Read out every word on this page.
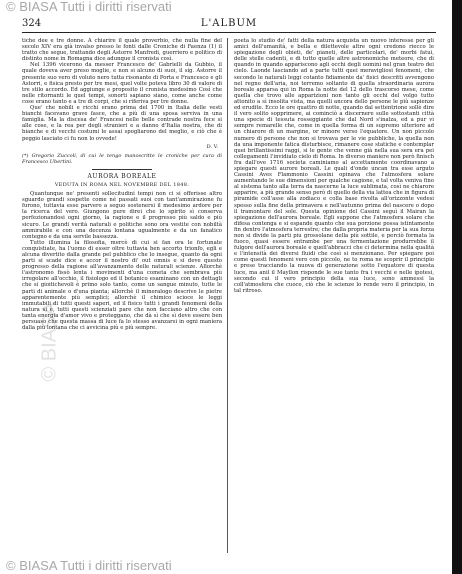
© BIASA Tutti i diritti riservati
© BIASA
324	L'ALBUM

tiche dee e tre donne. A chiarire il quale proverbio, che nulla fine del secolo XIV era già invalso presso le fonti dalle Croniche di Faenza (1) il tratto che segue, trattando degli Astorre Manfredi, guerriero e politico di distinto nome in Romagna dice adunque il cronista così.

Nel 1396 vicerono da messer Francesco de' Gabrielli da Gubbio, il quale doveva aver preso moglie, e non si alcuno di suoi, il sig. Astorre il presente suo vero di voluto nero tutta risonante di Porta e Francesco e gli Astorri, e fisica presto per tre mesi, quel volte poteva libro 30 di valore di tre stilo accordo. Ed aggiunge e proposito il cronista medesimo Così che nelle ritornanti le quel tempi, sonorti sapiano siano, come anche come cose erano tanto e a tre di corpi, che si riferiva per tre donne.

Que' che nobili e ricchi erano prima del 1700 in Italia delle vesti bianchi facevano grave fasce, che a più di una sposa serviva in una famiglia. Ma la discesa de' Francesi nelle belle contrade nostra fece si alle cose, e la rea per degli stranieri e a danno d'Italia nostra, che di bianche e di vecchi costumi le assai spogliarono del meglio, e ciò che è peggio lasciato ci fu non lo ovvede!

D. V.
(*) Gregorio Zuccoli, di cui le tengo manoscritte le croniche per cura di Francesco Ubertini.
AURORA BOREALE
VEDUTA IN ROMA NEL NOVEMBRE DEL 1848.

Quantunque ne' presenti sollecitudini tempi non ci si offerisse altro sguardo grandi sospette come né passati suoi con tant'ammirazione fu furono, tuttavia esse parvero a seguo sostenersi il medesimo ardore per la ricerca del vero. Giungono pure direi che lo spirito sì conserva perfezionandosi ogni giorno, la ragione e il progresso più saldo e più sicuro. Le grandi verità naturali e politiche sono ora vestite con nobiltà ammirabile e con una decenza lontana ugualmente e da un fanatico contegno e da una servile bassezza.

Tutto illumina la filosofia, mercè di cui si fan ora le fortunate conquistiate, ha l'uomo di esser oltre tuttavia ben accorto trionfo, egli e alcuna divertito dalla grande pel pubblico che lo insegue, quanto da ogni parti si scade dice e accor il nostro di' out omnis e si deve questo progresso della ragione all'avanzamento delle naturali scienze. Allorchè l'astronomo fissò lenta i movimenti d'una cometa che sembrava più irregolare all'occhio, il fisiologo ed il botanico esaminano con un dettagli che si gioitichevoli è primo solo tanto, come un sangue minuto, tutte le parti di animale o d'una pianta; allorchè il mineralogo descrive le pietre apparentemente più semplici; allorchè il chimico scioce le leggi immutabili di tutti questi saperi, ed il fisico tutti i grandi fenomeni della natura si è, tutti questi scienziati pare che non facciano altro che con tanta energia d'amor vivo e proteggano, che dà sì che sì deve essere ben persuaso che questa massa di luce fa lo stesso avanzarsi in ogni maniera dalla più lontana che ci avvicina più e più sempre.

poeta lo studio de' fatti della natura acquista un nuovo interesse per gli amici dell'umanità, e bella e dilettevole altre ogni credono riecco le spiegazione degli obieti, de' pianeti, delle particolari, de' morbi fatui, delle stelle cadenti, e di tutto quelle altre astronomiche meteore, che di quando in quando appariscono agli occhi degli uomini nel gran teatro dei cielo. Laonde lasciando ad a parte tutti quei meravigliosi fenomeni, che secondo le naturali leggi cotanto fidiamente da' fisici descritti avvengono nel regno dell'aria, noi terremo soltanto di quella straordinaria aurora boreale apparsa qui in Roma la notte del 12 dello trascorso mese, come quella che trovo alle apparizioni non tanto gli occhi del volgo tutto attonito a sì insolita vista, ma quelli ancora dello persone le più sapienze ed erudite. Ecco le ore quattro di notte, quando dal settentrione sollè dire il vero solito sopprimere, ai cominciò a discernere sulle sottostanti città una specie di tessuta rosseggiante che dal Nord s'inalza, ed a pur vi sempre remarelle che, come in quella forma di un supremo ulteriore ad un chiarore di un margine, or minore verso l'equatore. Un non piccolo numero di persone che non si trovava per le vie pubbliche, la quella non da una imponente fatica disturbisce, rimanere cose statiche e contemplar quei brillantissimi raggi, si le gente che venne già nella sua sera era pei collegamenti l'invidiato cielo di Roma. In diverso maniere non però finisch fra dall'ove 1716 societa caminiamo al accettamente coordinavano a spiegare questi aurore boreali. Le quali d'onde uncan tra esse arguto Cassini Aves Flammonio Cassini opinava che l'atmosfera solare aumentando le sue dimensioni per qualche cagione, e tal volta veniva fino al sistema tanto alla terra da nascerne la luce sublimata, così ne chiarore apparire, a più grande senso però di quello della via lattea che in figura di piramide coll'asse alla zodiaco e colla base rivolta all'orizzonte vedesi spesso sulla fine della primavera e nell'autunno prima del nascere o dopo il tramontare del sole. Questa opinione del Cassini seguì il Mairan la spiegazione dell'aurora boreale. Egli suppone che l'atmosfera solare che difesa contenga e si espande quanto che sua porzione possa istintamente fin dentro l'atmosfera terrestre; che dalla propria materia per la sua forza non si divide la parti piu grossolane della più sottile, e perciò formata la fuoco, quasi essere entrambe per una fermentazione produrrebbe il fulgore dell'aurora boreale e quell'abbracci che ci determina nella qualità e l'intensità dei diversi fluidi che così si menzionano. Per spiegare poi come questi fenomeni vero con piccolo, ne to roma ne scoprir il principio e prese tracciando la nuova di generazione sotto l'equatore di questa luce, ma anil il Mayllon risponde le sue tanto fra i vecchi e nelle ipotesi, secondo cui il vero principio della sua luce, sono ammessi la coll'atmosfera che cuoce, ciò che le scienze lo rende vero il principio, in tal ritroso.

© BIASA Tutti i diritti riservati
